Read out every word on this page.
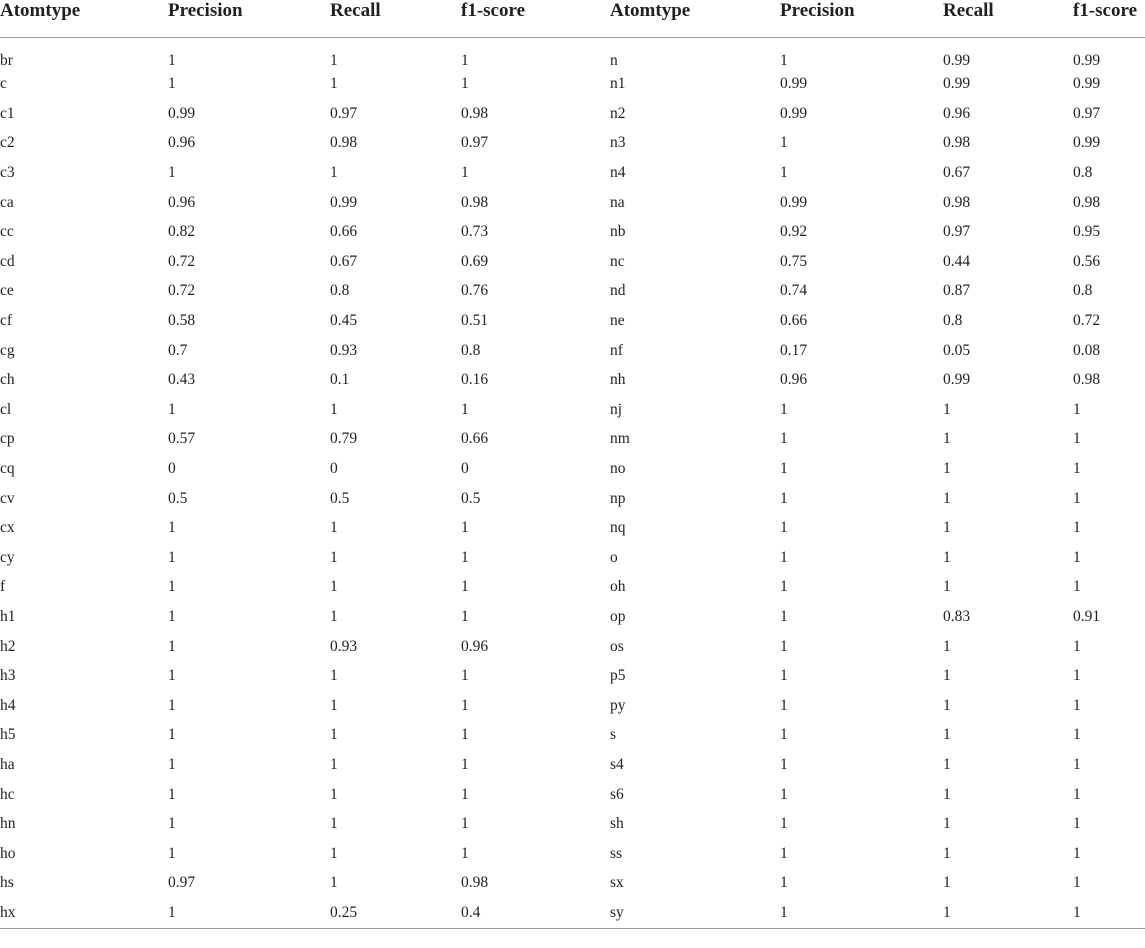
Atomtype	Precision	Recall	f1-score	Atomtype	Precision	Recall	f1-score
br	1	1	1	n	1	0.99	0.99
c	1	1	1	n1	0.99	0.99	0.99
c1	0.99	0.97	0.98	n2	0.99	0.96	0.97
c2	0.96	0.98	0.97	n3	1	0.98	0.99
c3	1	1	1	n4	1	0.67	0.8
ca	0.96	0.99	0.98	na	0.99	0.98	0.98
cc	0.82	0.66	0.73	nb	0.92	0.97	0.95
cd	0.72	0.67	0.69	nc	0.75	0.44	0.56
ce	0.72	0.8	0.76	nd	0.74	0.87	0.8
cf	0.58	0.45	0.51	ne	0.66	0.8	0.72
cg	0.7	0.93	0.8	nf	0.17	0.05	0.08
ch	0.43	0.1	0.16	nh	0.96	0.99	0.98
cl	1	1	1	nj	1	1	1
cp	0.57	0.79	0.66	nm	1	1	1
cq	0	0	0	no	1	1	1
cv	0.5	0.5	0.5	np	1	1	1
cx	1	1	1	nq	1	1	1
cy	1	1	1	o	1	1	1
f	1	1	1	oh	1	1	1
h1	1	1	1	op	1	0.83	0.91
h2	1	0.93	0.96	os	1	1	1
h3	1	1	1	p5	1	1	1
h4	1	1	1	py	1	1	1
h5	1	1	1	s	1	1	1
ha	1	1	1	s4	1	1	1
hc	1	1	1	s6	1	1	1
hn	1	1	1	sh	1	1	1
ho	1	1	1	ss	1	1	1
hs	0.97	1	0.98	sx	1	1	1
hx	1	0.25	0.4	sy	1	1	1
